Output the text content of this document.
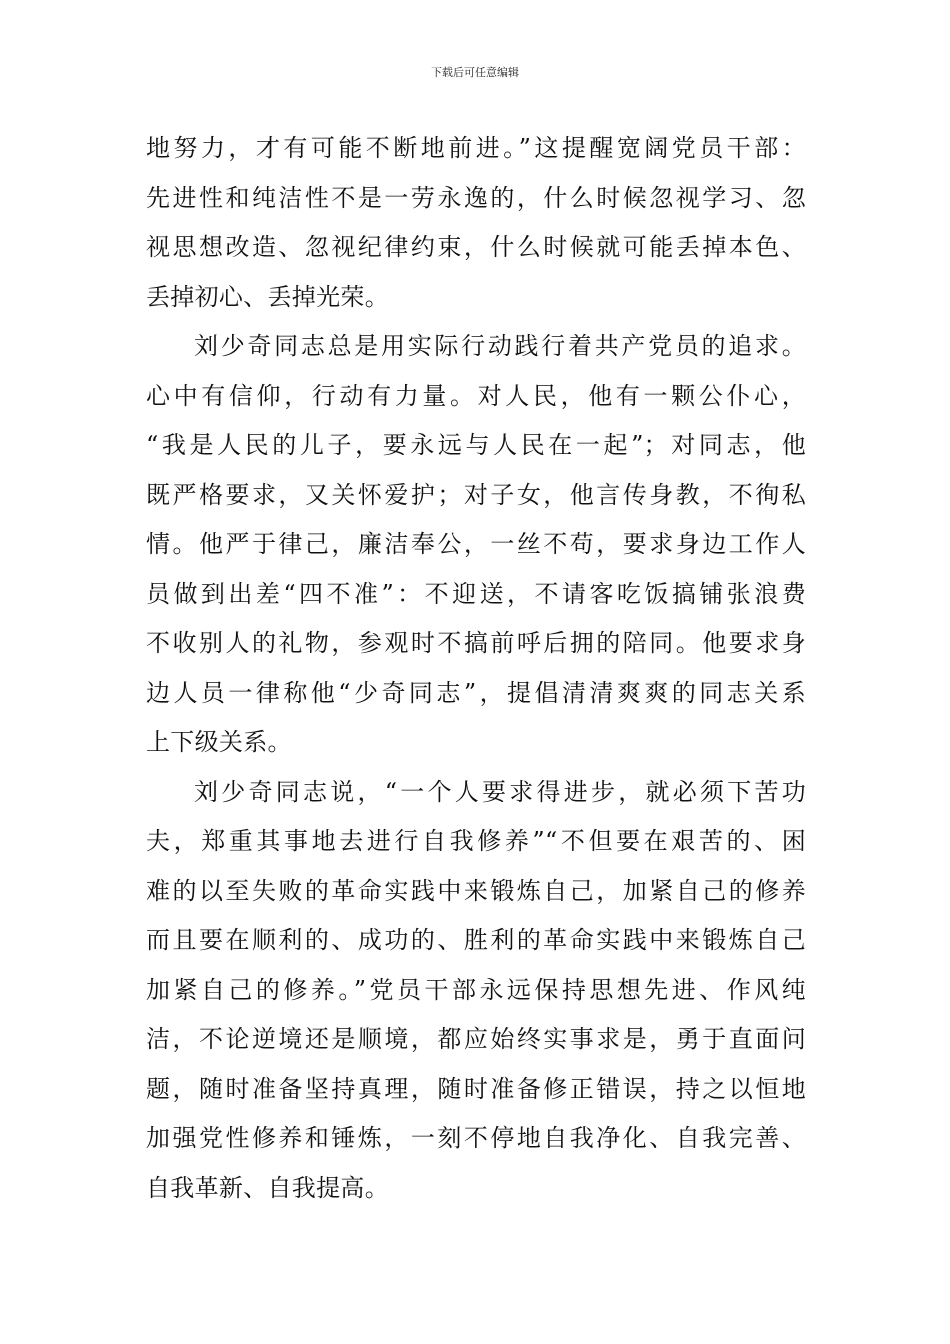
下载后可任意编辑
地努力，才有可能不断地前进。”这提醒宽阔党员干部：
先进性和纯洁性不是一劳永逸的，什么时候忽视学习、忽
视思想改造、忽视纪律约束，什么时候就可能丢掉本色、
丢掉初心、丢掉光荣。
刘少奇同志总是用实际行动践行着共产党员的追求。
心中有信仰，行动有力量。对人民，他有一颗公仆心，
“我是人民的儿子，要永远与人民在一起”；对同志，他
既严格要求，又关怀爱护；对子女，他言传身教，不徇私
情。他严于律己，廉洁奉公，一丝不苟，要求身边工作人
员做到出差“四不准”：不迎送，不请客吃饭搞铺张浪费
不收别人的礼物，参观时不搞前呼后拥的陪同。他要求身
边人员一律称他“少奇同志”，提倡清清爽爽的同志关系
上下级关系。
刘少奇同志说，“一个人要求得进步，就必须下苦功
夫，郑重其事地去进行自我修养”“不但要在艰苦的、困
难的以至失败的革命实践中来锻炼自己，加紧自己的修养
而且要在顺利的、成功的、胜利的革命实践中来锻炼自己
加紧自己的修养。”党员干部永远保持思想先进、作风纯
洁，不论逆境还是顺境，都应始终实事求是，勇于直面问
题，随时准备坚持真理，随时准备修正错误，持之以恒地
加强党性修养和锤炼，一刻不停地自我净化、自我完善、
自我革新、自我提高。
